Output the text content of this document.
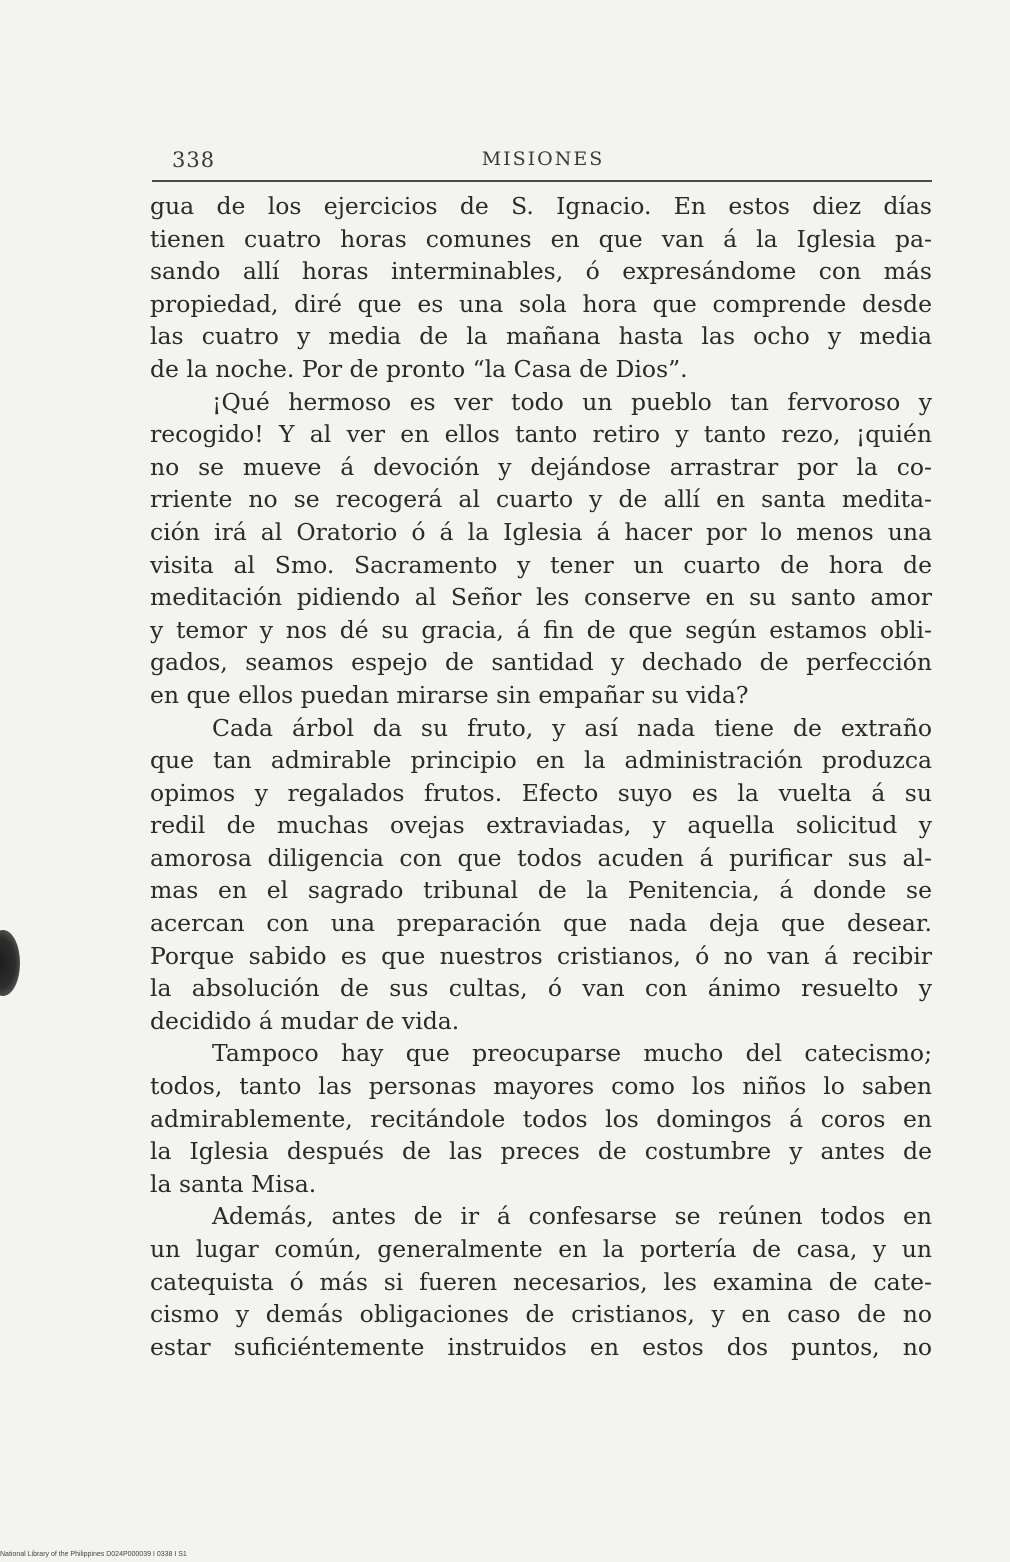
338	MISIONES

gua de los ejercicios de S. Ignacio. En estos diez días
tienen cuatro horas comunes en que van á la Iglesia pa-
sando allí horas interminables, ó expresándome con más
propiedad, diré que es una sola hora que comprende desde
las cuatro y media de la mañana hasta las ocho y media
de la noche. Por de pronto “la Casa de Dios”.

¡Qué hermoso es ver todo un pueblo tan fervoroso y
recogido! Y al ver en ellos tanto retiro y tanto rezo, ¡quién
no se mueve á devoción y dejándose arrastrar por la co-
rriente no se recogerá al cuarto y de allí en santa medita-
ción irá al Oratorio ó á la Iglesia á hacer por lo menos una
visita al Smo. Sacramento y tener un cuarto de hora de
meditación pidiendo al Señor les conserve en su santo amor
y temor y nos dé su gracia, á fin de que según estamos obli-
gados, seamos espejo de santidad y dechado de perfección
en que ellos puedan mirarse sin empañar su vida?

Cada árbol da su fruto, y así nada tiene de extraño
que tan admirable principio en la administración produzca
opimos y regalados frutos. Efecto suyo es la vuelta á su
redil de muchas ovejas extraviadas, y aquella solicitud y
amorosa diligencia con que todos acuden á purificar sus al-
mas en el sagrado tribunal de la Penitencia, á donde se
acercan con una preparación que nada deja que desear.
Porque sabido es que nuestros cristianos, ó no van á recibir
la absolución de sus cultas, ó van con ánimo resuelto y
decidido á mudar de vida.

Tampoco hay que preocuparse mucho del catecismo;
todos, tanto las personas mayores como los niños lo saben
admirablemente, recitándole todos los domingos á coros en
la Iglesia después de las preces de costumbre y antes de
la santa Misa.

Además, antes de ir á confesarse se reúnen todos en
un lugar común, generalmente en la portería de casa, y un
catequista ó más si fueren necesarios, les examina de cate-
cismo y demás obligaciones de cristianos, y en caso de no
estar suficiéntemente instruidos en estos dos puntos, no

National Library of the Philippines D024P000039 I 0338 I S1
